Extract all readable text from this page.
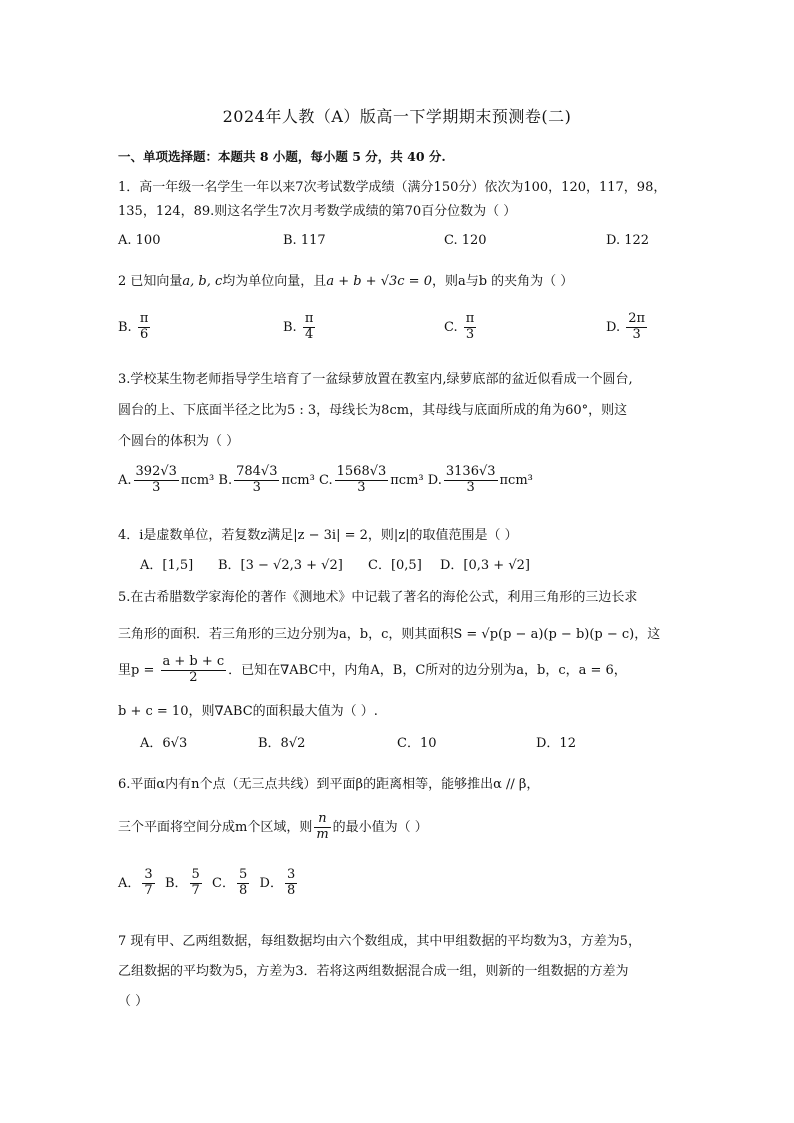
2024年人教（A）版高一下学期期末预测卷(二)
一、单项选择题：本题共 8 小题，每小题 5 分，共 40 分.
1．高一年级一名学生一年以来7次考试数学成绩（满分150分）依次为100，120，117，98，
135，124，89.则这名学生7次月考数学成绩的第70百分位数为（ ）
A. 100	B. 117	C. 120	D. 122
2 已知向量a, b, c均为单位向量，且a + b + √3c = 0，则a与b 的夹角为（ ）
B. $\frac{\pi}{6}$	B. $\frac{\pi}{4}$	C. $\frac{\pi}{3}$	D. $\frac{2\pi}{3}$
3.学校某生物老师指导学生培育了一盆绿萝放置在教室内,绿萝底部的盆近似看成一个圆台,
圆台的上、下底面半径之比为5 : 3，母线长为8cm，其母线与底面所成的角为60°，则这
个圆台的体积为（ ）
A. $\frac{392√3}{3} \pi cm^3$ B. $\frac{784√3}{3} \pi cm^3$ C. $\frac{1568√3}{3} \pi cm^3$ D. $\frac{3136√3}{3} \pi cm^3$
4．i是虚数单位，若复数z满足|z − 3i| = 2，则|z|的取值范围是（ ）
A．[1,5] B．[3 − √2,3 + √2] C．[0,5] D．[0,3 + √2]
5.在古希腊数学家海伦的著作《测地术》中记载了著名的海伦公式，利用三角形的三边长求
三角形的面积．若三角形的三边分别为a，b，c，则其面积S = √p(p − a)(p − b)(p − c)，这
里$p = \frac{a + b + c}{2}$ ．已知在∇ABC中，内角A，B，C所对的边分别为a，b，c，a = 6，
b + c = 10，则∇ABC的面积最大值为（ ）.
A．6√3	B．8√2	C．10	D．12
6.平面α内有n个点（无三点共线）到平面β的距离相等，能够推出α // β，
三个平面将空间分成m个区域，则 $\frac{n}{m}$ 的最小值为（ ）
A． $\frac{3}{7}$ B． $\frac{5}{7}$ C． $\frac{5}{8}$ D． $\frac{3}{8}$
7 现有甲、乙两组数据，每组数据均由六个数组成，其中甲组数据的平均数为3，方差为5，
乙组数据的平均数为5，方差为3．若将这两组数据混合成一组，则新的一组数据的方差为
（ ）
